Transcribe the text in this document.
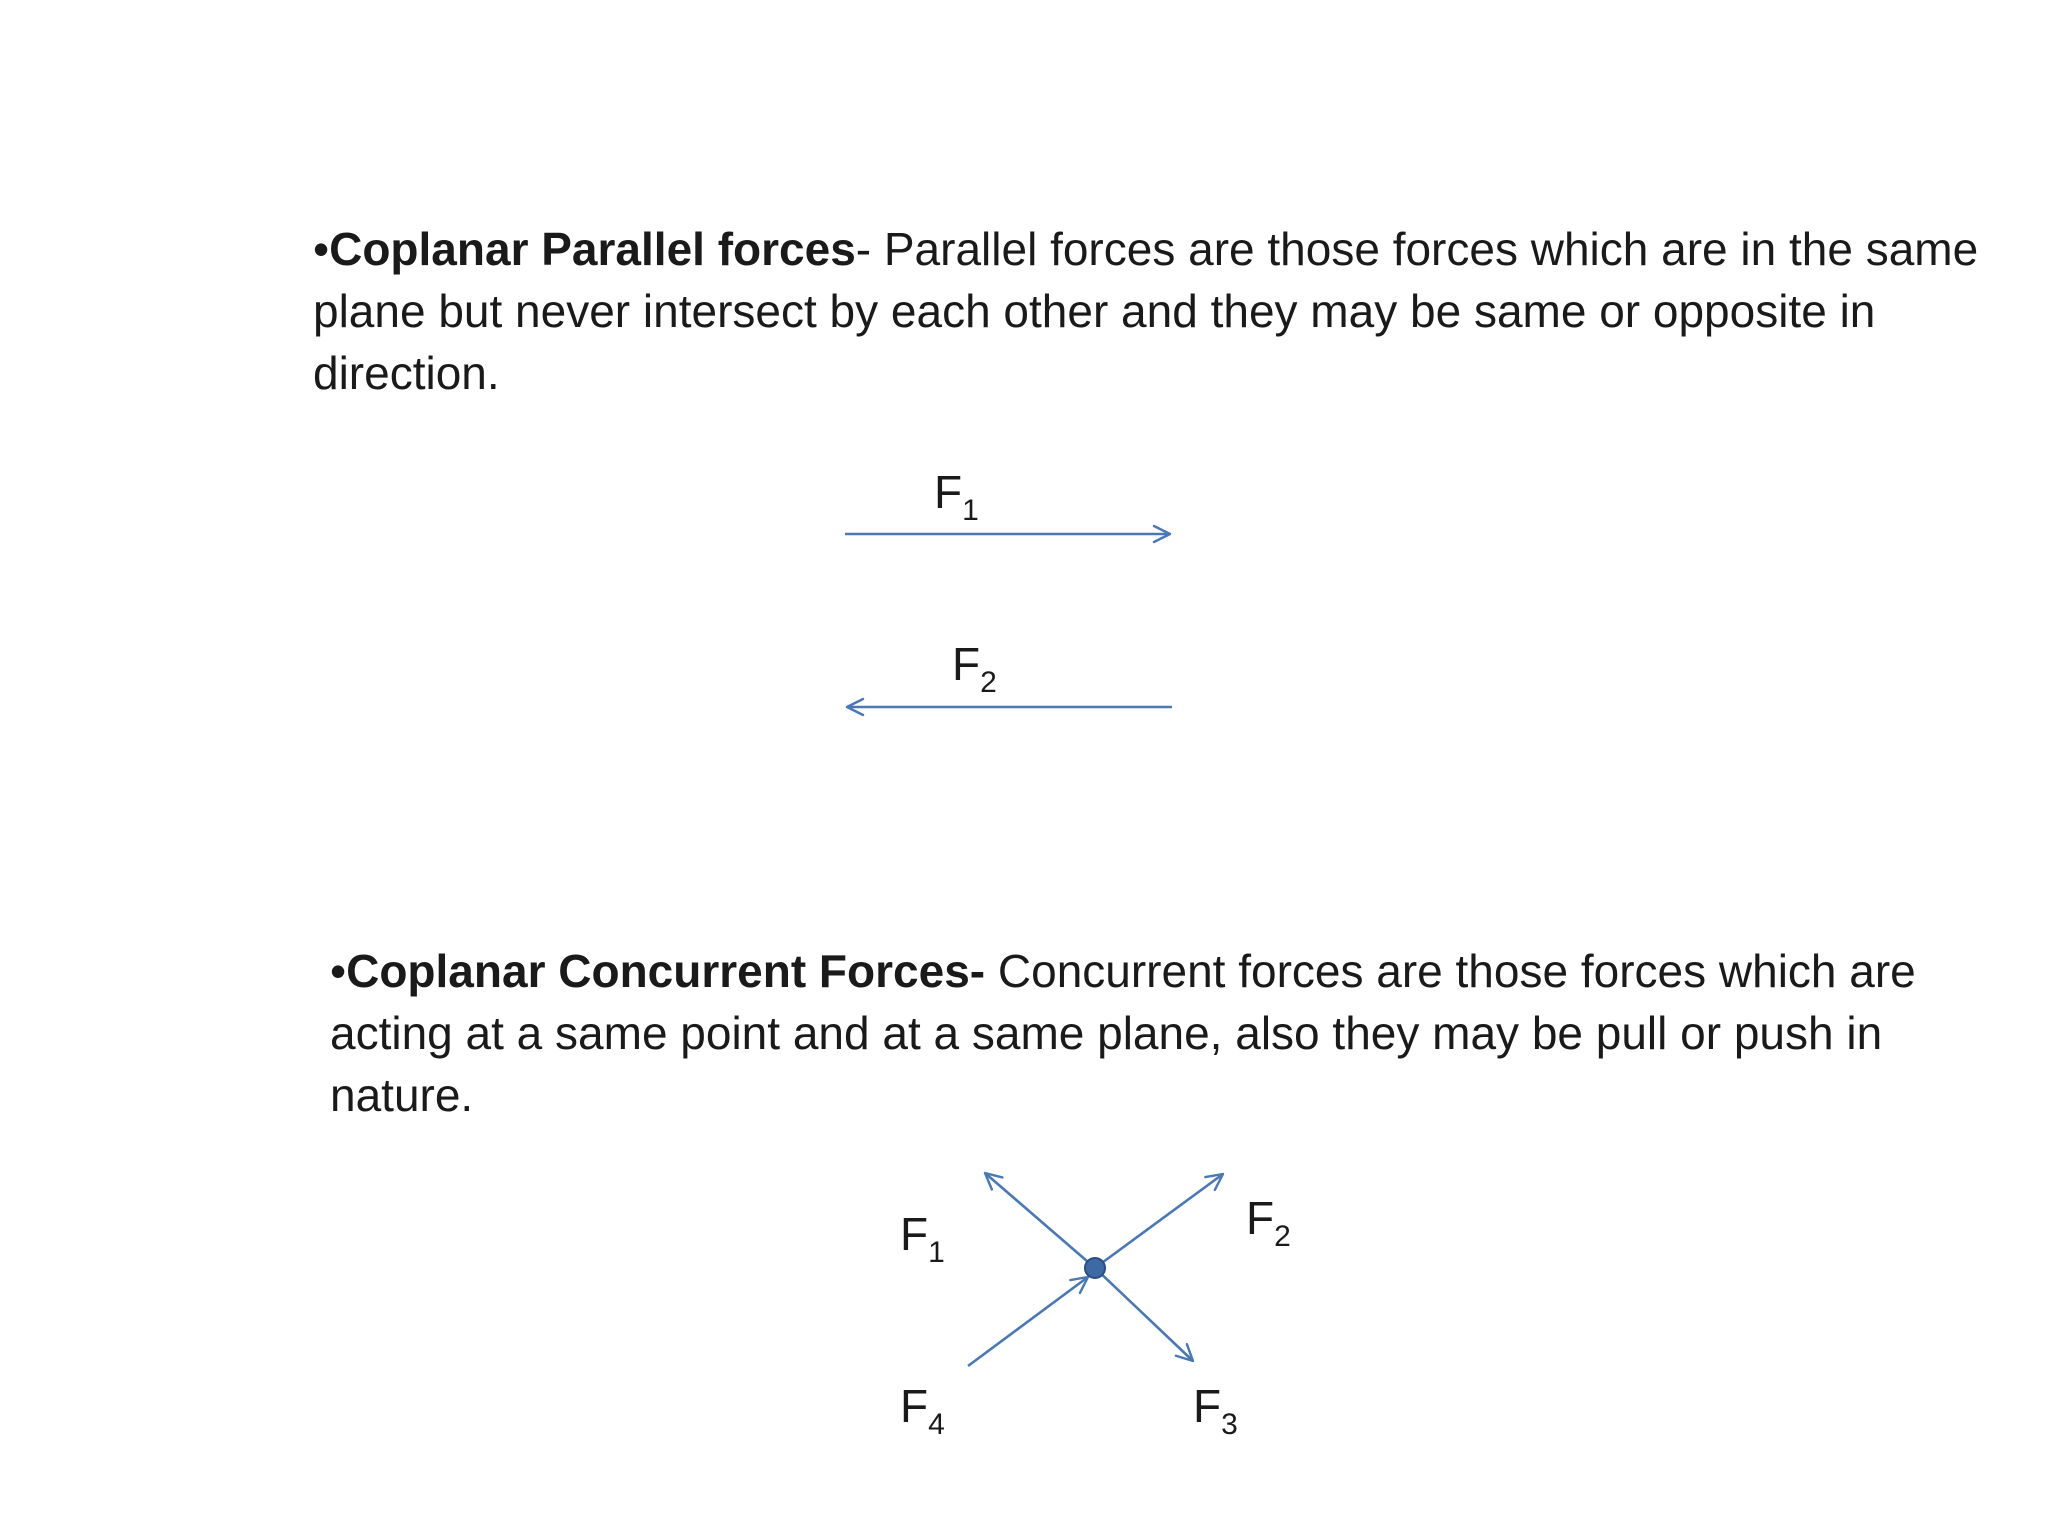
•Coplanar Parallel forces- Parallel forces are those forces which are in the same plane but never intersect by each other and they may be same or opposite in direction.

$F_1$
$F_2$
$F_1$
$F_2$
$F_3$
$F_4$

•Coplanar Concurrent Forces- Concurrent forces are those forces which are acting at a same point and at a same plane, also they may be pull or push in nature.
